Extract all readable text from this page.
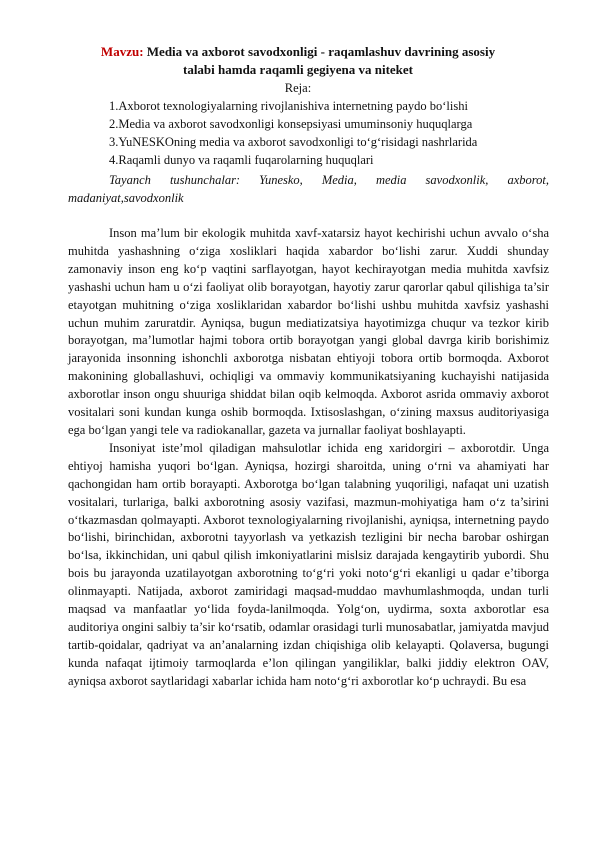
Mavzu: Media va axborot savodxonligi - raqamlashuv davrining asosiy
talabi hamda raqamli gegiyena va niteket
Reja:
1.Axborot texnologiyalarning rivojlanishiva internetning paydo bo‘lishi
2.Media va axborot savodxonligi konsepsiyasi umuminsoniy huquqlarga
3.YuNESKOning media va axborot savodxonligi to‘g‘risidagi nashrlarida
4.Raqamli dunyo va raqamli fuqarolarning huquqlari
Tayanch tushunchalar: Yunesko, Media, media savodxonlik, axborot, madaniyat,savodxonlik

Inson ma’lum bir ekologik muhitda xavf-xatarsiz hayot kechirishi uchun avvalo o‘sha muhitda yashashning o‘ziga xosliklari haqida xabardor bo‘lishi zarur. Xuddi shunday zamonaviy inson eng ko‘p vaqtini sarflayotgan, hayot kechirayotgan media muhitda xavfsiz yashashi uchun ham u o‘zi faoliyat olib borayotgan, hayotiy zarur qarorlar qabul qilishiga ta’sir etayotgan muhitning o‘ziga xosliklaridan xabardor bo‘lishi ushbu muhitda xavfsiz yashashi uchun muhim zaruratdir. Ayniqsa, bugun mediatizatsiya hayotimizga chuqur va tezkor kirib borayotgan, ma’lumotlar hajmi tobora ortib borayotgan yangi global davrga kirib borishimiz jarayonida insonning ishonchli axborotga nisbatan ehtiyoji tobora ortib bormoqda. Axborot makonining globallashuvi, ochiqligi va ommaviy kommunikatsiyaning kuchayishi natijasida axborotlar inson ongu shuuriga shiddat bilan oqib kelmoqda. Axborot asrida ommaviy axborot vositalari soni kundan kunga oshib bormoqda. Ixtisoslashgan, o‘zining maxsus auditoriyasiga ega bo‘lgan yangi tele va radiokanallar, gazeta va jurnallar faoliyat boshlayapti.

Insoniyat iste’mol qiladigan mahsulotlar ichida eng xaridorgiri – axborotdir. Unga ehtiyoj hamisha yuqori bo‘lgan. Ayniqsa, hozirgi sharoitda, uning o‘rni va ahamiyati har qachongidan ham ortib borayapti. Axborotga bo‘lgan talabning yuqoriligi, nafaqat uni uzatish vositalari, turlariga, balki axborotning asosiy vazifasi, mazmun-mohiyatiga ham o‘z ta’sirini o‘tkazmasdan qolmayapti. Axborot texnologiyalarning rivojlanishi, ayniqsa, internetning paydo bo‘lishi, birinchidan, axborotni tayyorlash va yetkazish tezligini bir necha barobar oshirgan bo‘lsa, ikkinchidan, uni qabul qilish imkoniyatlarini mislsiz darajada kengaytirib yubordi. Shu bois bu jarayonda uzatilayotgan axborotning to‘g‘ri yoki noto‘g‘ri ekanligi u qadar e’tiborga olinmayapti. Natijada, axborot zamiridagi maqsad-muddao mavhumlashmoqda, undan turli maqsad va manfaatlar yo‘lida foyda-lanilmoqda. Yolg‘on, uydirma, soxta axborotlar esa auditoriya ongini salbiy ta’sir ko‘rsatib, odamlar orasidagi turli munosabatlar, jamiyatda mavjud tartib-qoidalar, qadriyat va an’analarning izdan chiqishiga olib kelayapti. Qolaversa, bugungi kunda nafaqat ijtimoiy tarmoqlarda e’lon qilingan yangiliklar, balki jiddiy elektron OAV, ayniqsa axborot saytlaridagi xabarlar ichida ham noto‘g‘ri axborotlar ko‘p uchraydi. Bu esa
